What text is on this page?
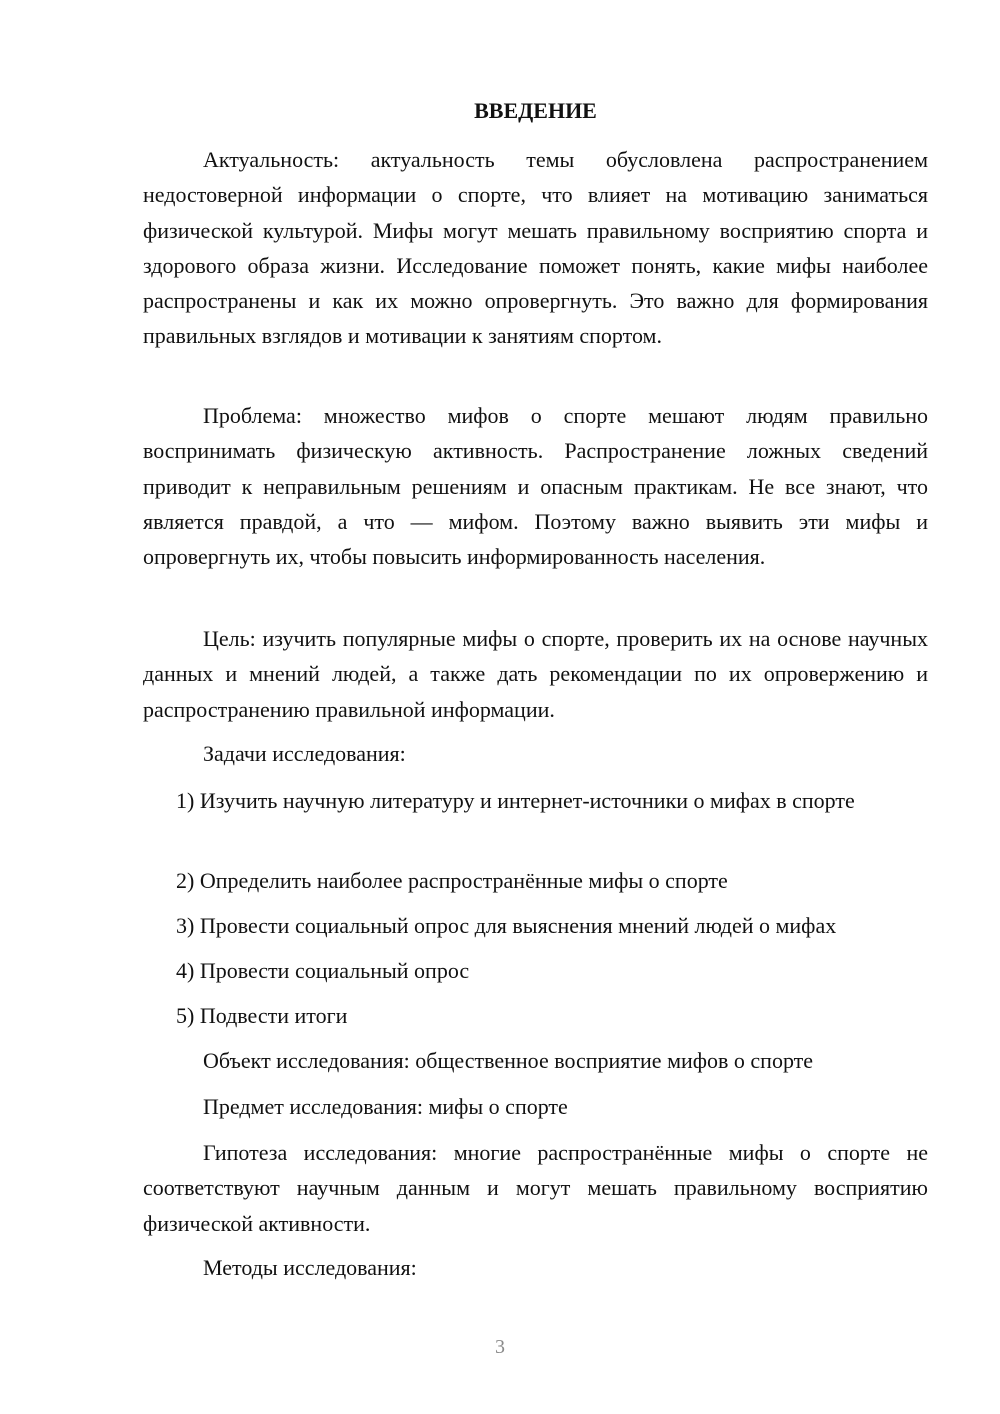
ВВЕДЕНИЕ

Актуальность: актуальность темы обусловлена распространением недостоверной информации о спорте, что влияет на мотивацию заниматься физической культурой. Мифы могут мешать правильному восприятию спорта и здорового образа жизни. Исследование поможет понять, какие мифы наиболее распространены и как их можно опровергнуть. Это важно для формирования правильных взглядов и мотивации к занятиям спортом.

Проблема: множество мифов о спорте мешают людям правильно воспринимать физическую активность. Распространение ложных сведений приводит к неправильным решениям и опасным практикам. Не все знают, что является правдой, а что — мифом. Поэтому важно выявить эти мифы и опровергнуть их, чтобы повысить информированность населения.

Цель: изучить популярные мифы о спорте, проверить их на основе научных данных и мнений людей, а также дать рекомендации по их опровержению и распространению правильной информации.

Задачи исследования:

1) Изучить научную литературу и интернет-источники о мифах в спорте

2) Определить наиболее распространённые мифы о спорте

3) Провести социальный опрос для выяснения мнений людей о мифах

4) Провести социальный опрос

5) Подвести итоги

Объект исследования: общественное восприятие мифов о спорте

Предмет исследования: мифы о спорте

Гипотеза исследования: многие распространённые мифы о спорте не соответствуют научным данным и могут мешать правильному восприятию физической активности.

Методы исследования:

3
